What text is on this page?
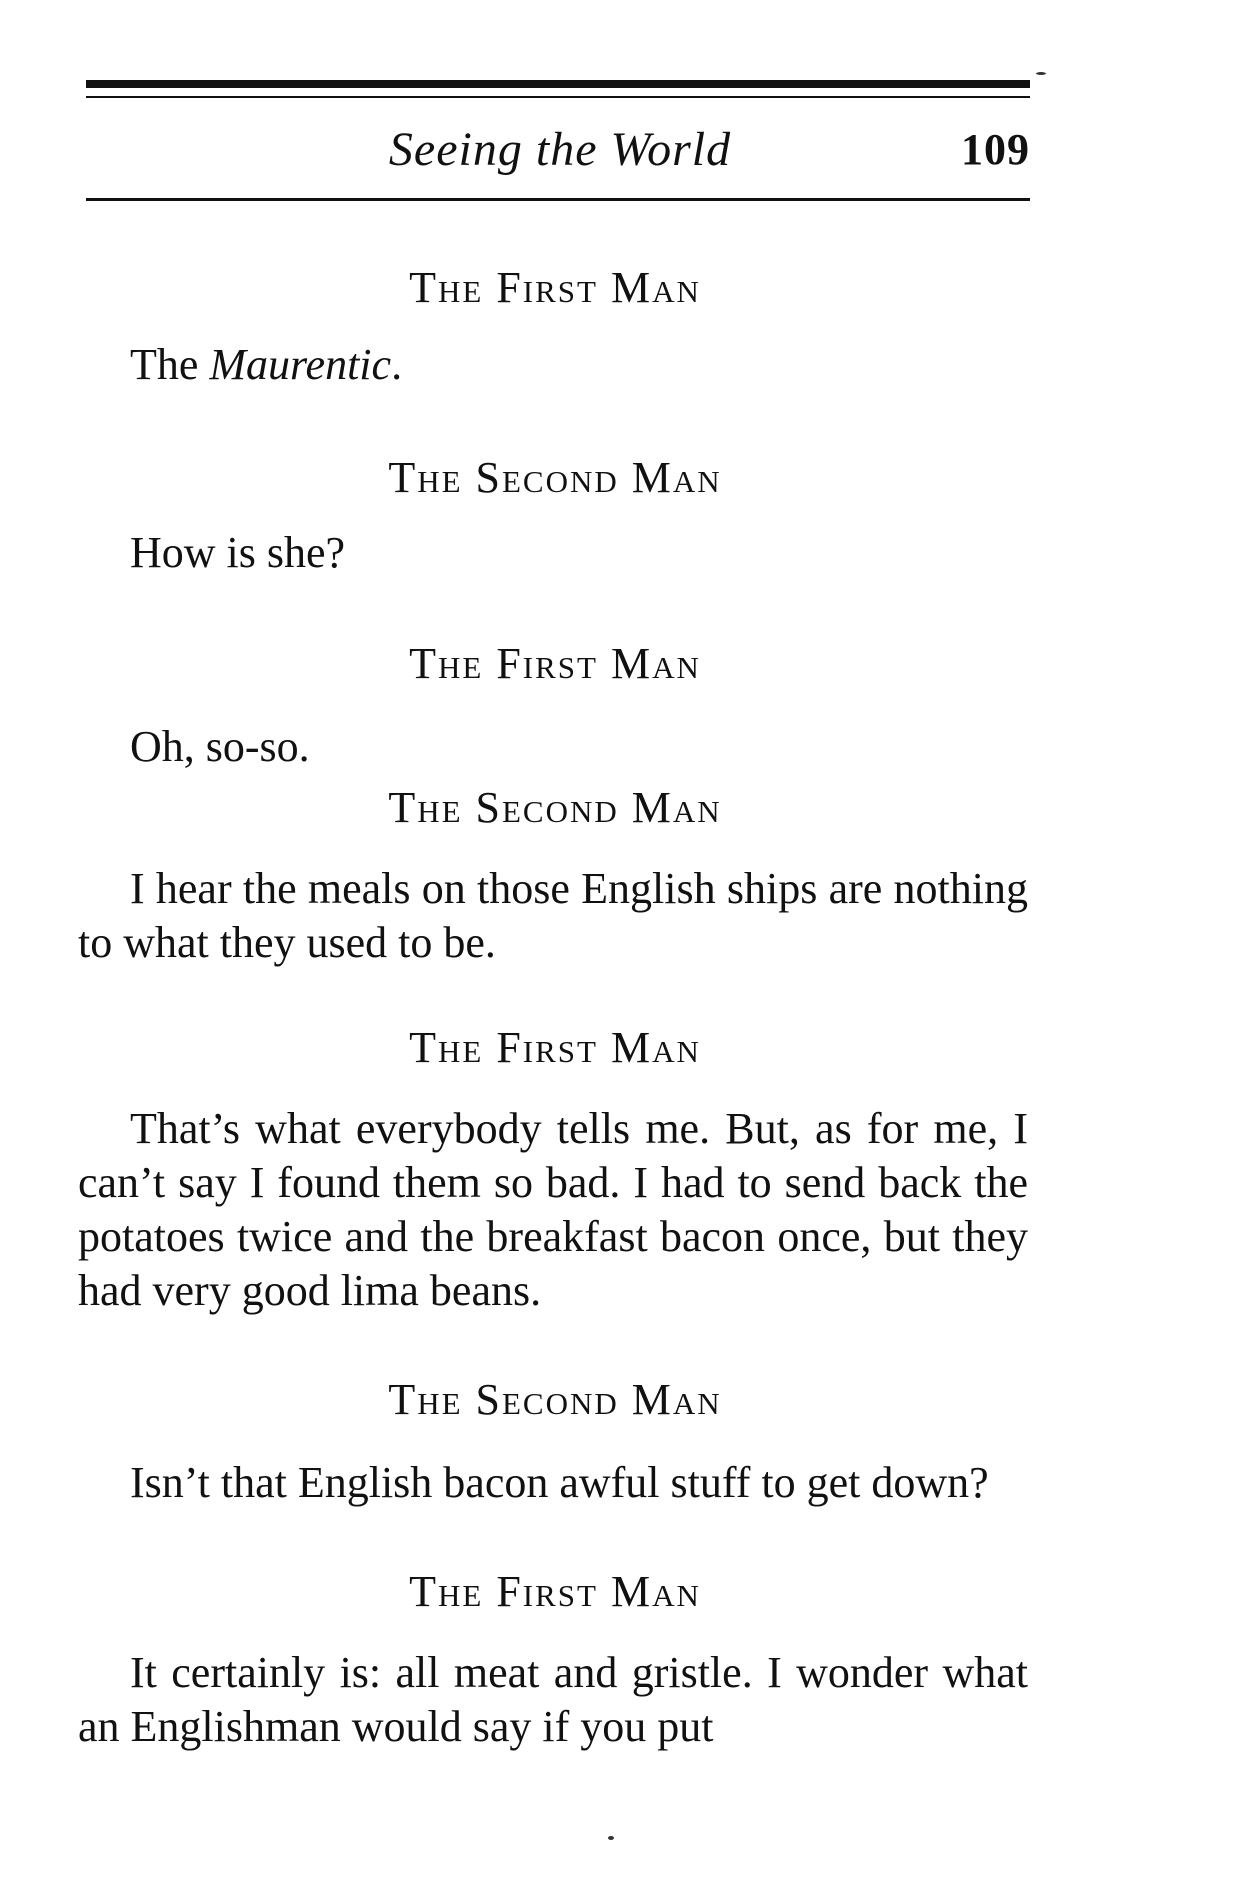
Seeing the World	109
The First Man

The Maurentic.

The Second Man

How is she?

The First Man

Oh, so-so.

The Second Man

I hear the meals on those English ships are nothing to what they used to be.

The First Man

That’s what everybody tells me. But, as for me, I can’t say I found them so bad. I had to send back the potatoes twice and the breakfast bacon once, but they had very good lima beans.

The Second Man

Isn’t that English bacon awful stuff to get down?

The First Man

It certainly is: all meat and gristle. I wonder what an Englishman would say if you put
